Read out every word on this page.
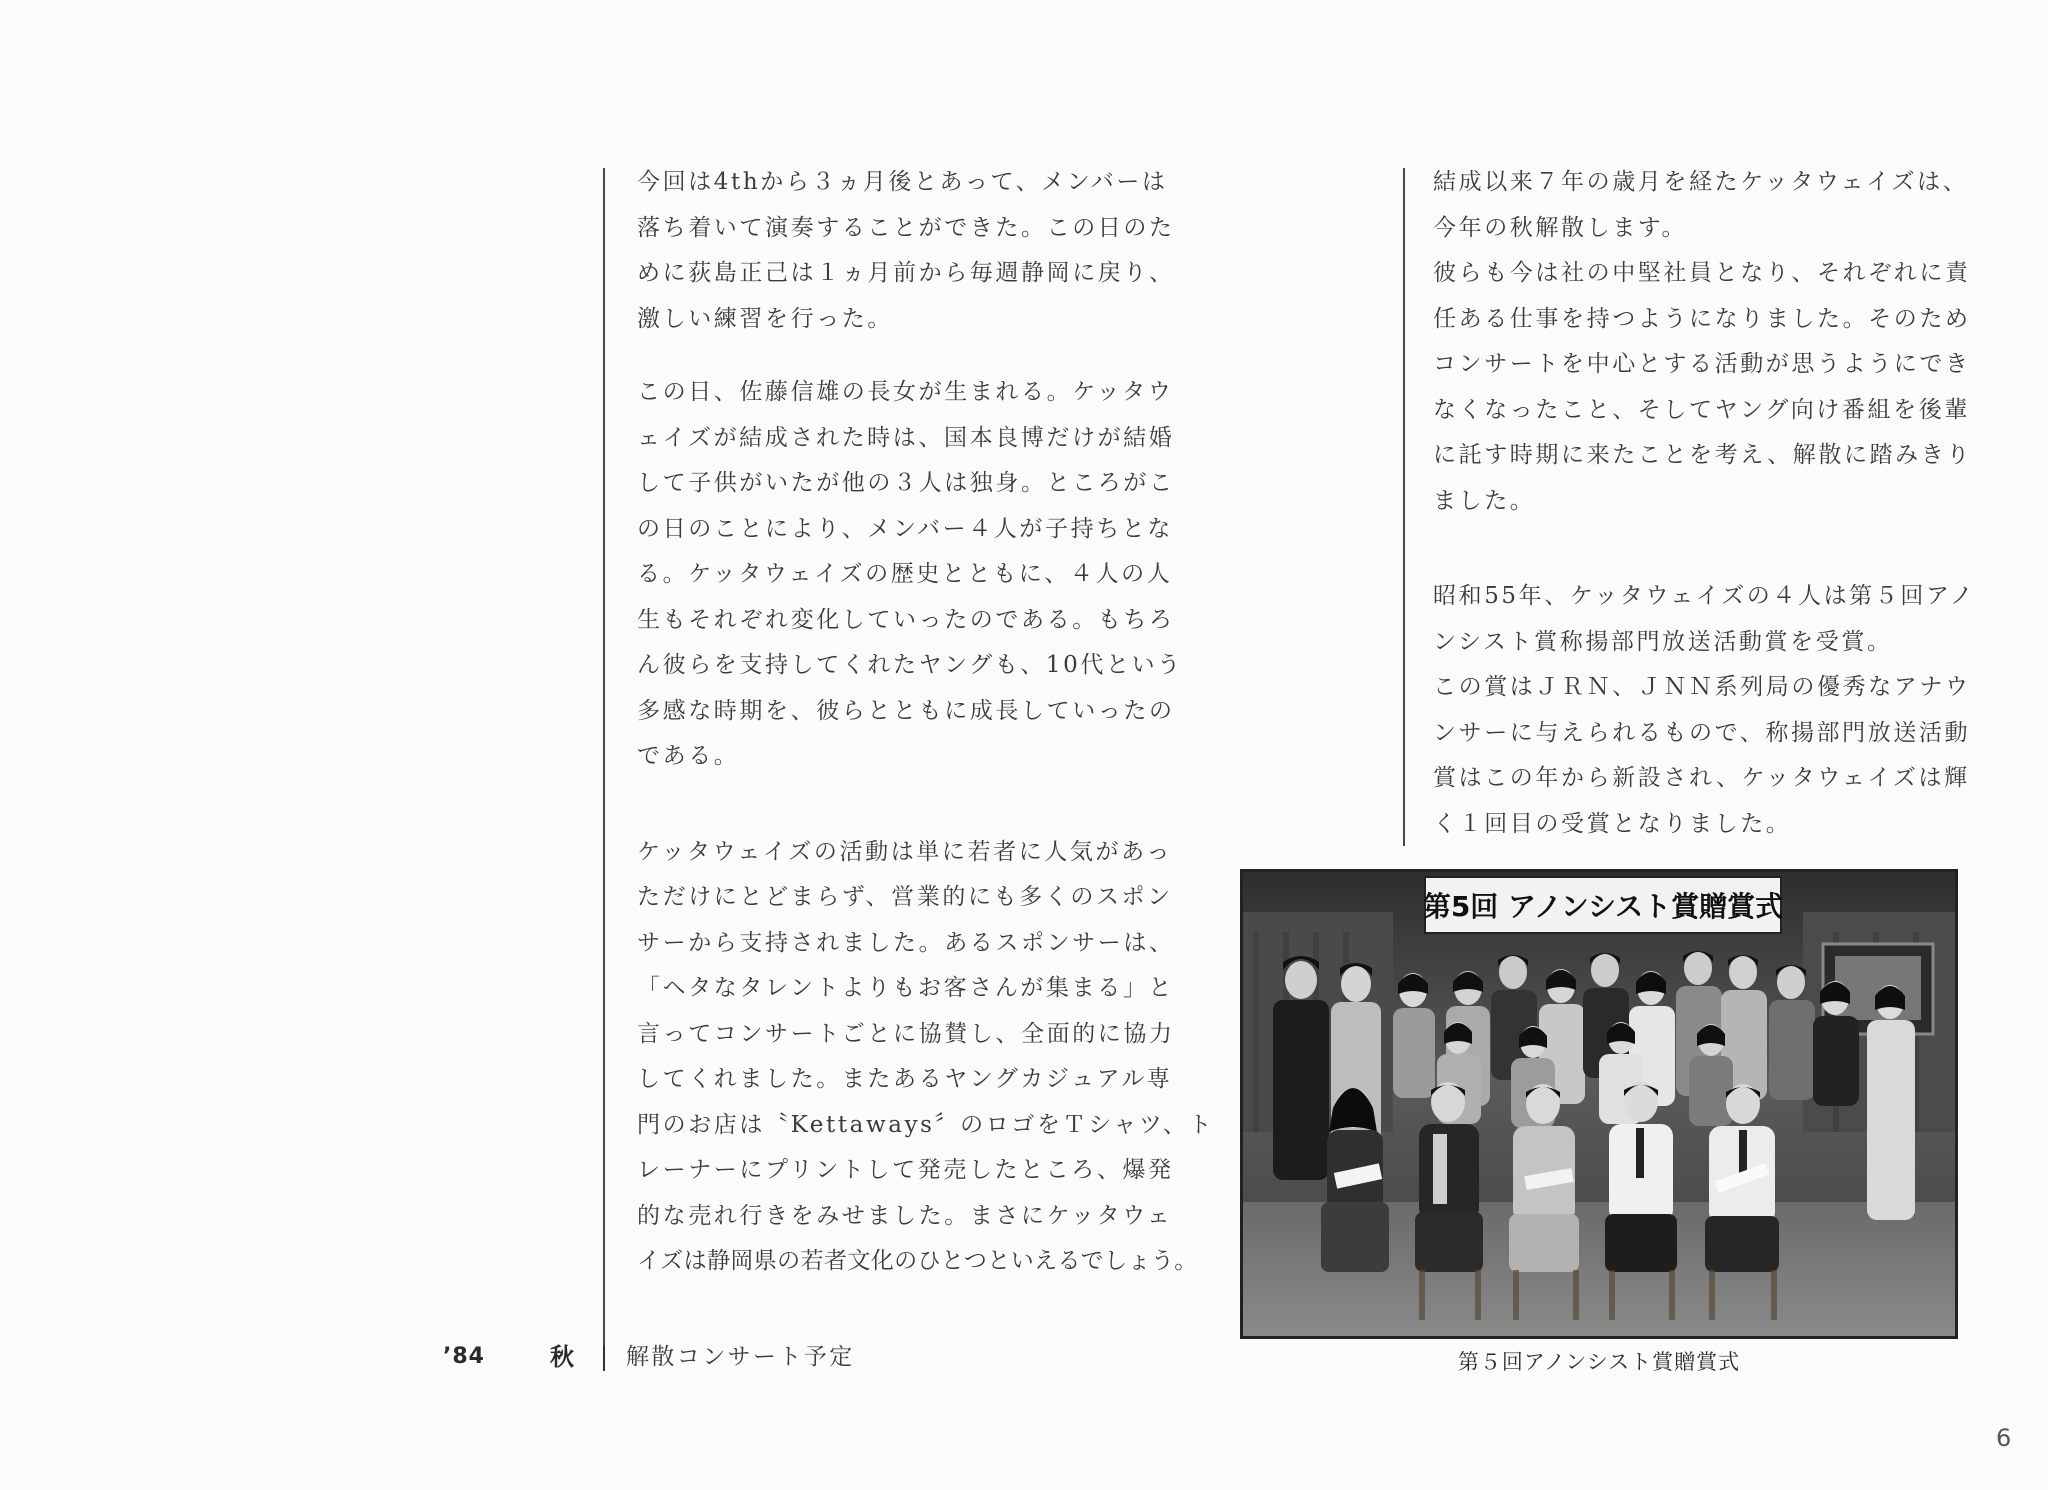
今回は4thから３ヵ月後とあって、メンバーは

落ち着いて演奏することができた。この日のた

めに荻島正己は１ヵ月前から毎週静岡に戻り、

激しい練習を行った。

この日、佐藤信雄の長女が生まれる。ケッタウ

ェイズが結成された時は、国本良博だけが結婚

して子供がいたが他の３人は独身。ところがこ

の日のことにより、メンバー４人が子持ちとな

る。ケッタウェイズの歴史とともに、４人の人

生もそれぞれ変化していったのである。もちろ

ん彼らを支持してくれたヤングも、10代という

多感な時期を、彼らとともに成長していったの

である。

ケッタウェイズの活動は単に若者に人気があっ

ただけにとどまらず、営業的にも多くのスポン

サーから支持されました。あるスポンサーは、

「ヘタなタレントよりもお客さんが集まる」と

言ってコンサートごとに協賛し、全面的に協力

してくれました。またあるヤングカジュアル専

門のお店は〝Kettaways〞のロゴをＴシャツ、ト

レーナーにプリントして発売したところ、爆発

的な売れ行きをみせました。まさにケッタウェ

イズは静岡県の若者文化のひとつといえるでしょう。

結成以来７年の歳月を経たケッタウェイズは、

今年の秋解散します。

彼らも今は社の中堅社員となり、それぞれに責

任ある仕事を持つようになりました。そのため

コンサートを中心とする活動が思うようにでき

なくなったこと、そしてヤング向け番組を後輩

に託す時期に来たことを考え、解散に踏みきり

ました。

昭和55年、ケッタウェイズの４人は第５回アノ

ンシスト賞称揚部門放送活動賞を受賞。

この賞はＪＲＮ、ＪＮＮ系列局の優秀なアナウ

ンサーに与えられるもので、称揚部門放送活動

賞はこの年から新設され、ケッタウェイズは輝

く１回目の受賞となりました。

’84	秋 解散コンサート予定
第5回 アノンシスト賞贈賞式
第５回アノンシスト賞贈賞式
6
